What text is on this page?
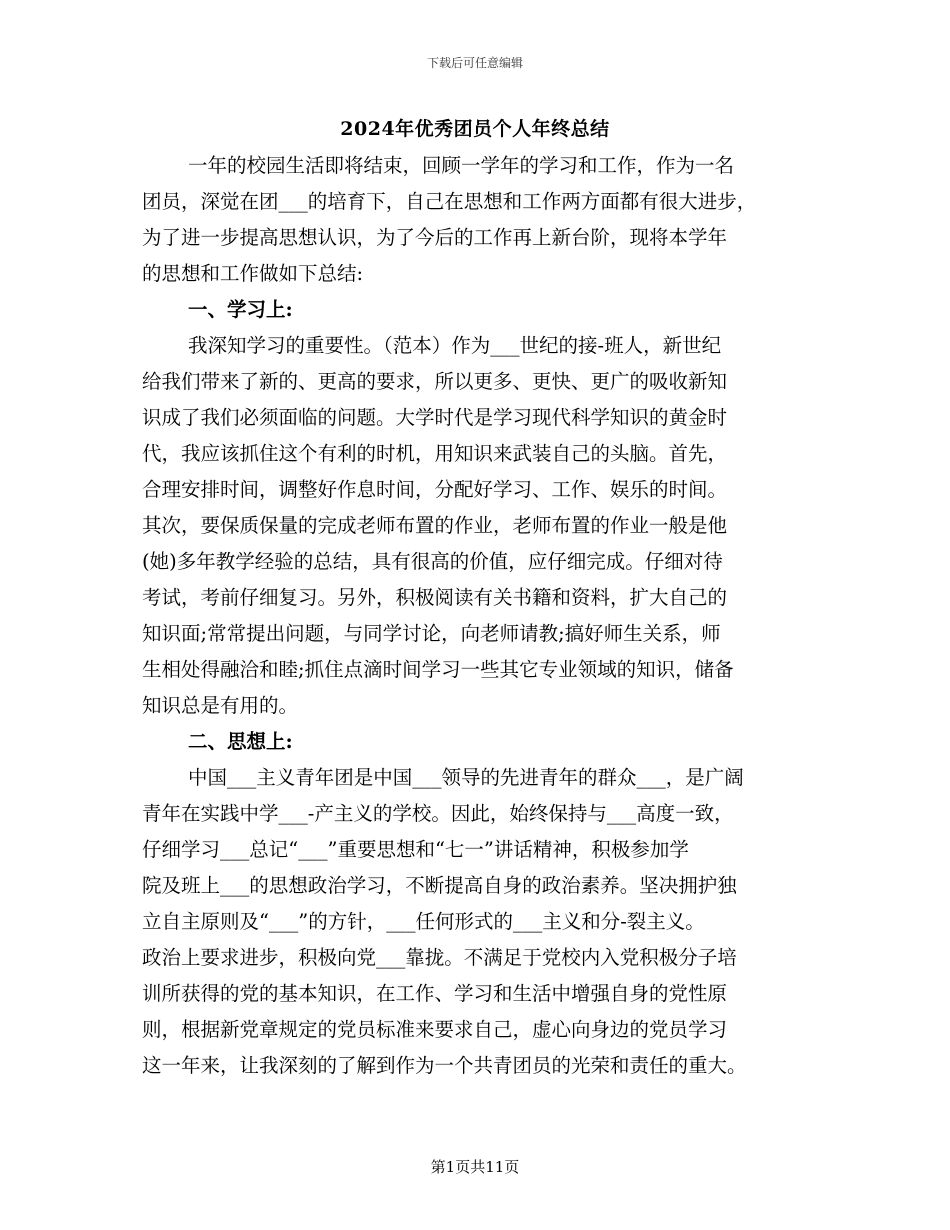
下载后可任意编辑
2024年优秀团员个人年终总结
一年的校园生活即将结束，回顾一学年的学习和工作，作为一名
团员，深觉在团___的培育下，自己在思想和工作两方面都有很大进步，
为了进一步提高思想认识，为了今后的工作再上新台阶，现将本学年
的思想和工作做如下总结:
一、学习上:
我深知学习的重要性。（范本）作为___世纪的接-班人，新世纪
给我们带来了新的、更高的要求，所以更多、更快、更广的吸收新知
识成了我们必须面临的问题。大学时代是学习现代科学知识的黄金时
代，我应该抓住这个有利的时机，用知识来武装自己的头脑。首先，
合理安排时间，调整好作息时间，分配好学习、工作、娱乐的时间。
其次，要保质保量的完成老师布置的作业，老师布置的作业一般是他
(她)多年教学经验的总结，具有很高的价值，应仔细完成。仔细对待
考试，考前仔细复习。另外，积极阅读有关书籍和资料，扩大自己的
知识面;常常提出问题，与同学讨论，向老师请教;搞好师生关系，师
生相处得融洽和睦;抓住点滴时间学习一些其它专业领域的知识，储备
知识总是有用的。
二、思想上:
中国___主义青年团是中国___领导的先进青年的群众___，是广阔
青年在实践中学___-产主义的学校。因此，始终保持与___高度一致，
仔细学习___总记“___”重要思想和“七一”讲话精神，积极参加学
院及班上___的思想政治学习，不断提高自身的政治素养。坚决拥护独
立自主原则及“___”的方针，___任何形式的___主义和分-裂主义。
政治上要求进步，积极向党___靠拢。不满足于党校内入党积极分子培
训所获得的党的基本知识，在工作、学习和生活中增强自身的党性原
则，根据新党章规定的党员标准来要求自己，虚心向身边的党员学习
这一年来，让我深刻的了解到作为一个共青团员的光荣和责任的重大。
第1页共11页
